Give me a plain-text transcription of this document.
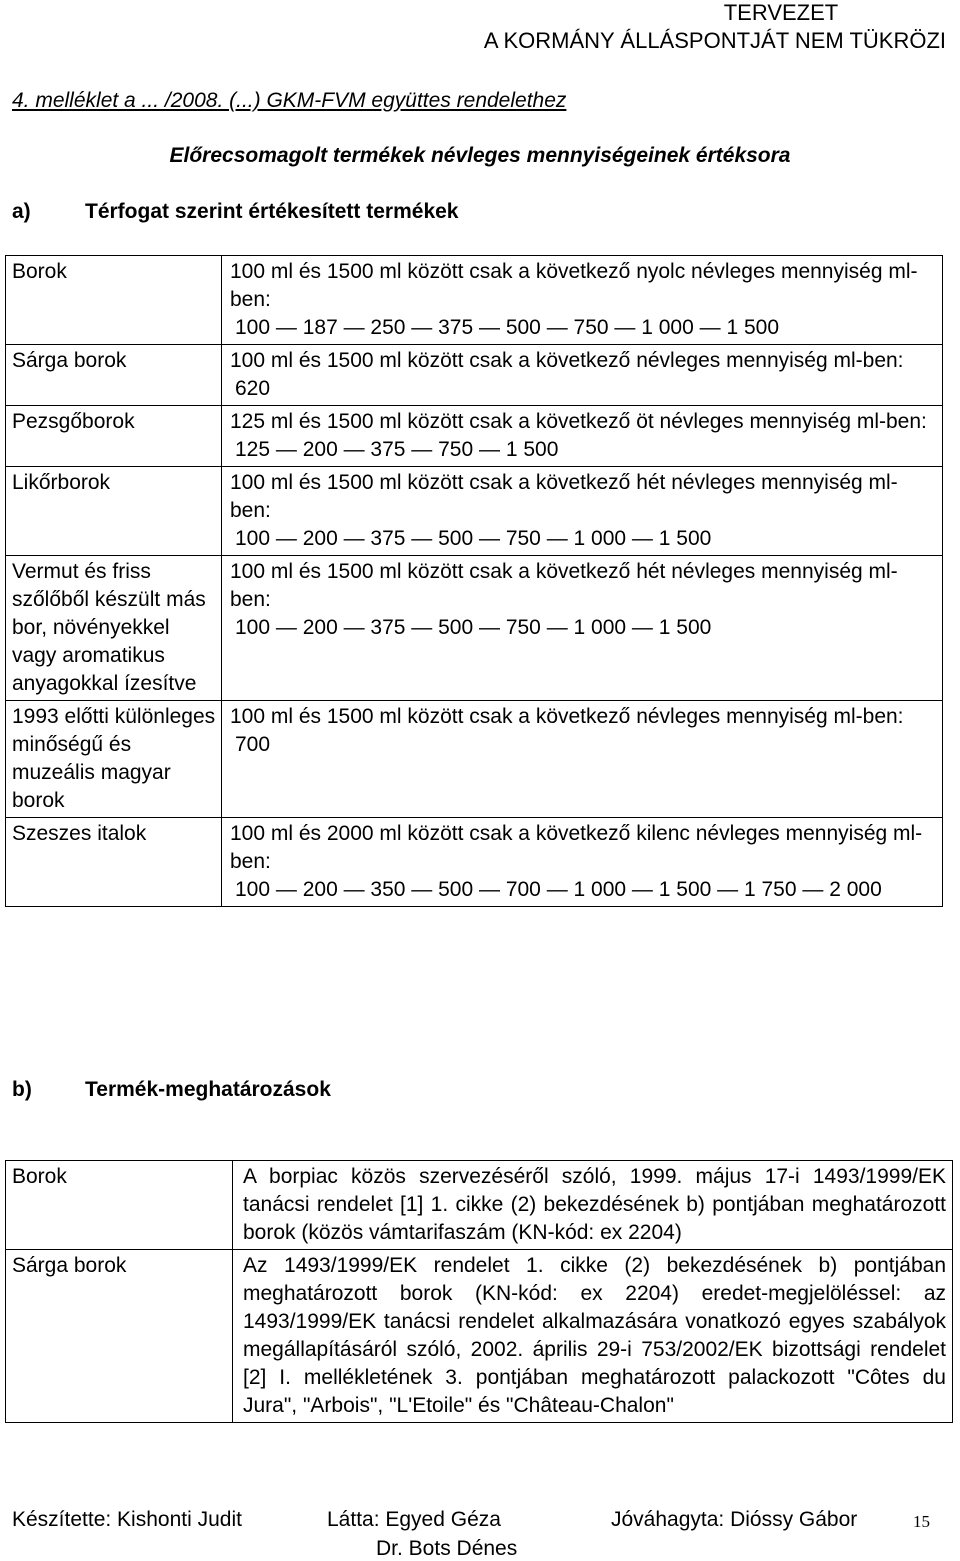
TERVEZET
A KORMÁNY ÁLLÁSPONTJÁT NEM TÜKRÖZI
4. melléklet a ... /2008. (...) GKM-FVM együttes rendelethez
Előrecsomagolt termékek névleges mennyiségeinek értéksora
a)	Térfogat szerint értékesített termékek
Borok	100 ml és 1500 ml között csak a következő nyolc névleges mennyiség ml-ben:
100 — 187 — 250 — 375 — 500 — 750 — 1 000 — 1 500

Sárga borok	100 ml és 1500 ml között csak a következő névleges mennyiség ml-ben:
620

Pezsgőborok	125 ml és 1500 ml között csak a következő öt névleges mennyiség ml-ben:
125 — 200 — 375 — 750 — 1 500

Likőrborok	100 ml és 1500 ml között csak a következő hét névleges mennyiség ml-ben:
100 — 200 — 375 — 500 — 750 — 1 000 — 1 500

Vermut és friss szőlőből készült más bor, növényekkel vagy aromatikus anyagokkal ízesítve	100 ml és 1500 ml között csak a következő hét névleges mennyiség ml-ben:
100 — 200 — 375 — 500 — 750 — 1 000 — 1 500

1993 előtti különleges minőségű és muzeális magyar borok	100 ml és 1500 ml között csak a következő névleges mennyiség ml-ben:
700

Szeszes italok	100 ml és 2000 ml között csak a következő kilenc névleges mennyiség ml-ben:
100 — 200 — 350 — 500 — 700 — 1 000 — 1 500 — 1 750 — 2 000
b)	Termék-meghatározások
Borok	A borpiac közös szervezéséről szóló, 1999. május 17-i 1493/1999/EK tanácsi rendelet [1] 1. cikke (2) bekezdésének b) pontjában meghatározott borok (közös vámtarifaszám (KN-kód: ex 2204)
Sárga borok	Az 1493/1999/EK rendelet 1. cikke (2) bekezdésének b) pontjában meghatározott borok (KN-kód: ex 2204) eredet-megjelöléssel: az 1493/1999/EK tanácsi rendelet alkalmazására vonatkozó egyes szabályok megállapításáról szóló, 2002. április 29-i 753/2002/EK bizottsági rendelet [2] I. mellékletének 3. pontjában meghatározott palackozott "Côtes du Jura", "Arbois", "L'Etoile" és "Château-Chalon"
Készítette: Kishonti Judit	Látta: Egyed Géza	Jóváhagyta: Dióssy Gábor
Dr. Bots Dénes
15
